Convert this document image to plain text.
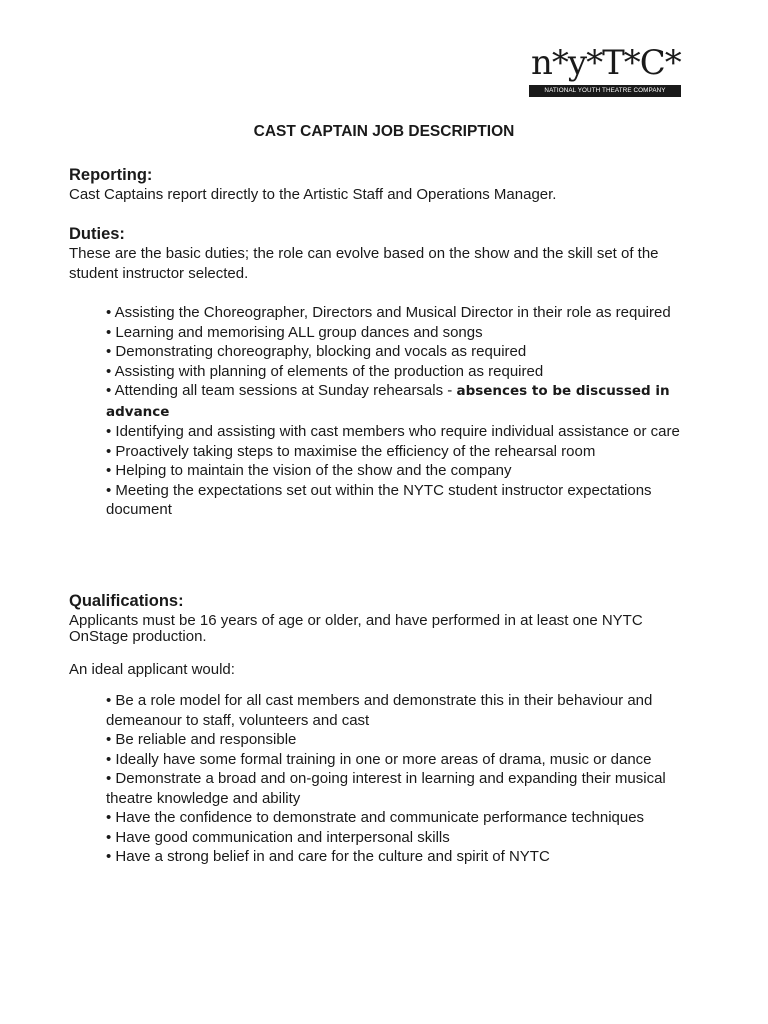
n*y*T*C*
NATIONAL YOUTH THEATRE COMPANY
CAST CAPTAIN JOB DESCRIPTION
Reporting:

Cast Captains report directly to the Artistic Staff and Operations Manager.

Duties:

These are the basic duties; the role can evolve based on the show and the skill set of the student instructor selected.

• Assisting the Choreographer, Directors and Musical Director in their role as required
• Learning and memorising ALL group dances and songs
• Demonstrating choreography, blocking and vocals as required
• Assisting with planning of elements of the production as required
• Attending all team sessions at Sunday rehearsals - absences to be discussed in advance
• Identifying and assisting with cast members who require individual assistance or care
• Proactively taking steps to maximise the efficiency of the rehearsal room
• Helping to maintain the vision of the show and the company
• Meeting the expectations set out within the NYTC student instructor expectations document
Qualifications:

Applicants must be 16 years of age or older, and have performed in at least one NYTC OnStage production.

An ideal applicant would:

• Be a role model for all cast members and demonstrate this in their behaviour and demeanour to staff, volunteers and cast
• Be reliable and responsible
• Ideally have some formal training in one or more areas of drama, music or dance
• Demonstrate a broad and on-going interest in learning and expanding their musical theatre knowledge and ability
• Have the confidence to demonstrate and communicate performance techniques
• Have good communication and interpersonal skills
• Have a strong belief in and care for the culture and spirit of NYTC
